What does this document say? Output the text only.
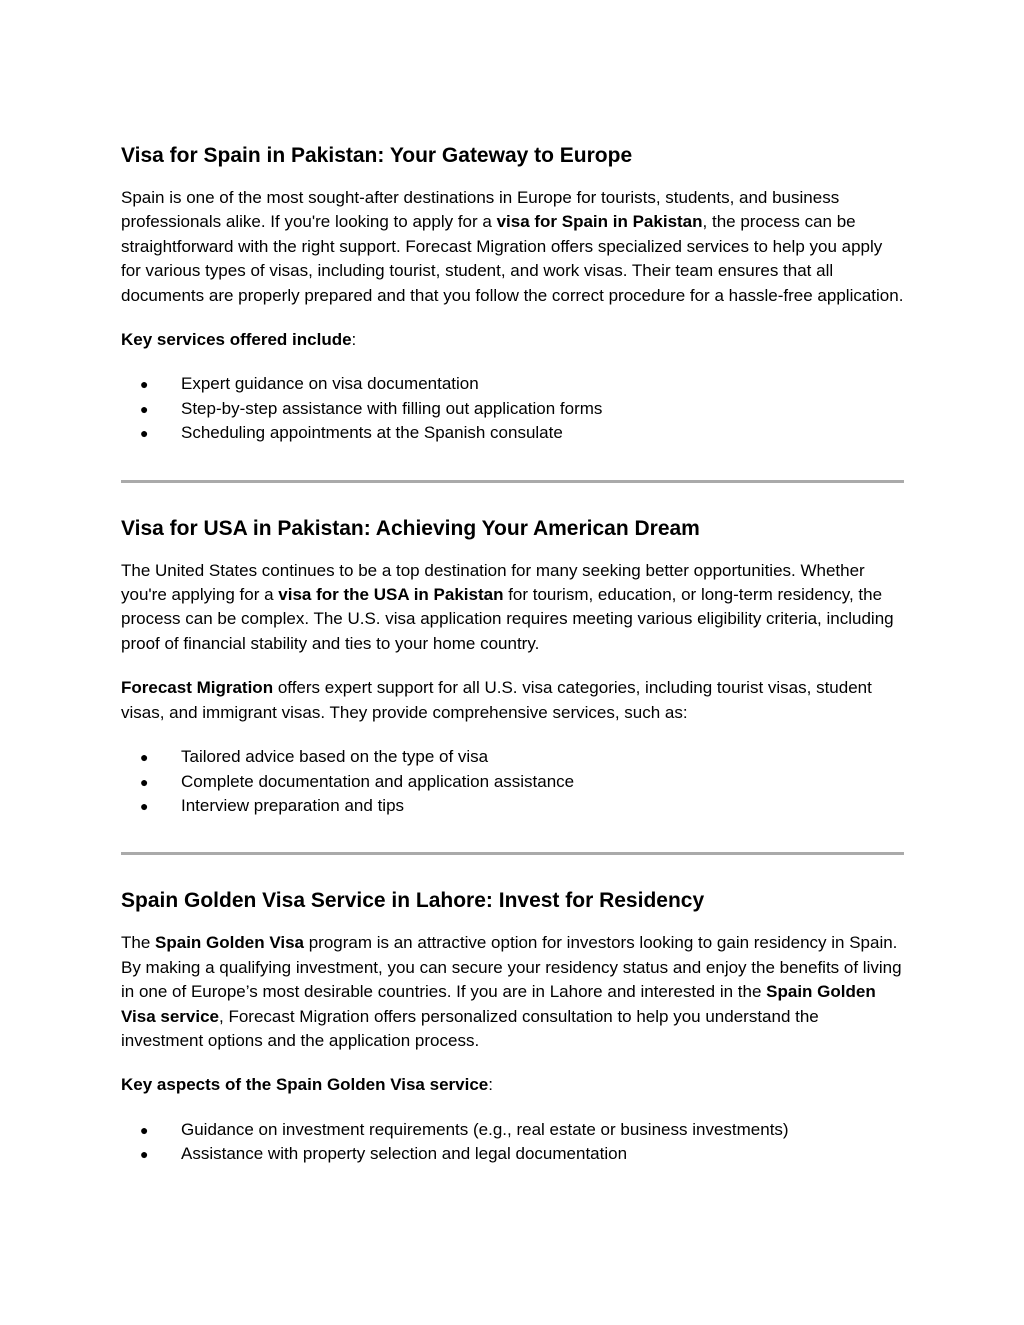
Visa for Spain in Pakistan: Your Gateway to Europe

Spain is one of the most sought-after destinations in Europe for tourists, students, and business professionals alike. If you're looking to apply for a visa for Spain in Pakistan, the process can be straightforward with the right support. Forecast Migration offers specialized services to help you apply for various types of visas, including tourist, student, and work visas. Their team ensures that all documents are properly prepared and that you follow the correct procedure for a hassle-free application.

Key services offered include:

● Expert guidance on visa documentation
● Step-by-step assistance with filling out application forms
● Scheduling appointments at the Spanish consulate
Visa for USA in Pakistan: Achieving Your American Dream

The United States continues to be a top destination for many seeking better opportunities. Whether you're applying for a visa for the USA in Pakistan for tourism, education, or long-term residency, the process can be complex. The U.S. visa application requires meeting various eligibility criteria, including proof of financial stability and ties to your home country.

Forecast Migration offers expert support for all U.S. visa categories, including tourist visas, student visas, and immigrant visas. They provide comprehensive services, such as:

● Tailored advice based on the type of visa
● Complete documentation and application assistance
● Interview preparation and tips
Spain Golden Visa Service in Lahore: Invest for Residency

The Spain Golden Visa program is an attractive option for investors looking to gain residency in Spain. By making a qualifying investment, you can secure your residency status and enjoy the benefits of living in one of Europe’s most desirable countries. If you are in Lahore and interested in the Spain Golden Visa service, Forecast Migration offers personalized consultation to help you understand the investment options and the application process.

Key aspects of the Spain Golden Visa service:

● Guidance on investment requirements (e.g., real estate or business investments)
● Assistance with property selection and legal documentation
